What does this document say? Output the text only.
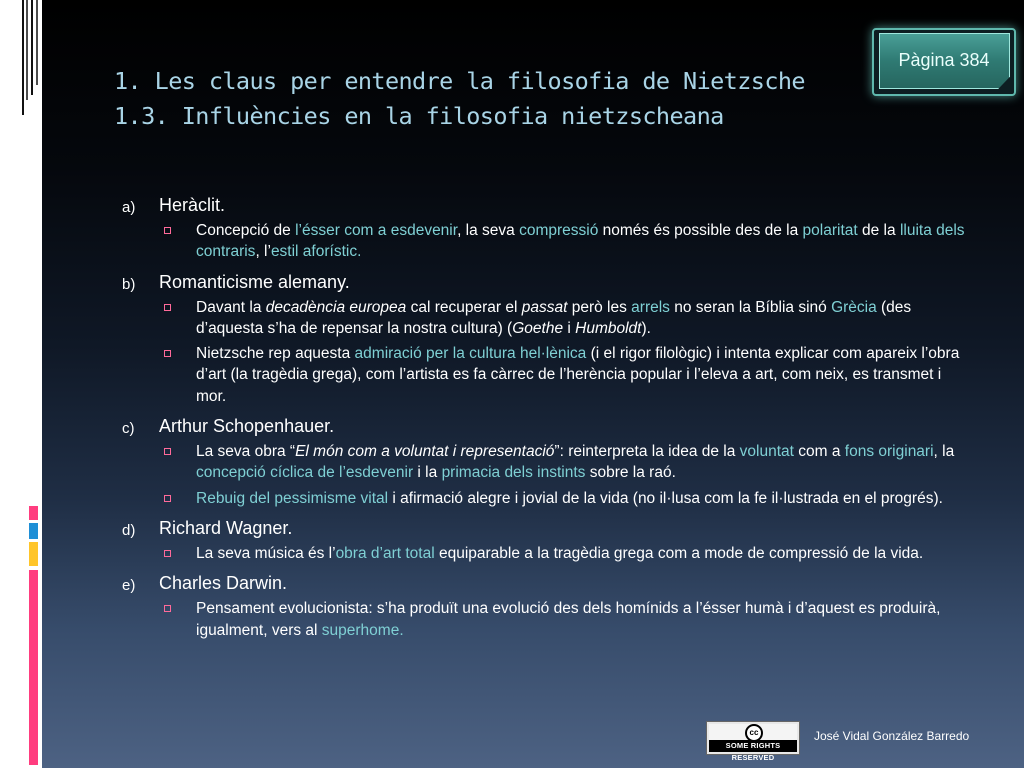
1. Les claus per entendre la filosofia de Nietzsche
1.3. Influències en la filosofia nietzscheana
Pàgina 384
a) Heràclit.
Concepció de l’ésser com a esdevenir, la seva compressió només és possible des de la polaritat de la lluita dels contraris, l’estil aforístic.
b) Romanticisme alemany.
Davant la decadència europea cal recuperar el passat però les arrels no seran la Bíblia sinó Grècia (des d’aquesta s’ha de repensar la nostra cultura) (Goethe i Humboldt).
Nietzsche rep aquesta admiració per la cultura hel·lènica (i el rigor filològic) i intenta explicar com apareix l’obra d’art (la tragèdia grega), com l’artista es fa càrrec de l’herència popular i l’eleva a art, com neix, es transmet i mor.
c) Arthur Schopenhauer.
La seva obra “El món com a voluntat i representació”: reinterpreta la idea de la voluntat com a fons originari, la concepció cíclica de l’esdevenir i la primacia dels instints sobre la raó.
Rebuig del pessimisme vital i afirmació alegre i jovial de la vida (no il·lusa com la fe il·lustrada en el progrés).
d) Richard Wagner.
La seva música és l’obra d’art total equiparable a la tragèdia grega com a mode de compressió de la vida.
e) Charles Darwin.
Pensament evolucionista: s’ha produït una evolució des dels homínids a l’ésser humà i d’aquest es produirà, igualment, vers al superhome.
cc
SOME RIGHTS RESERVED
José Vidal González Barredo
